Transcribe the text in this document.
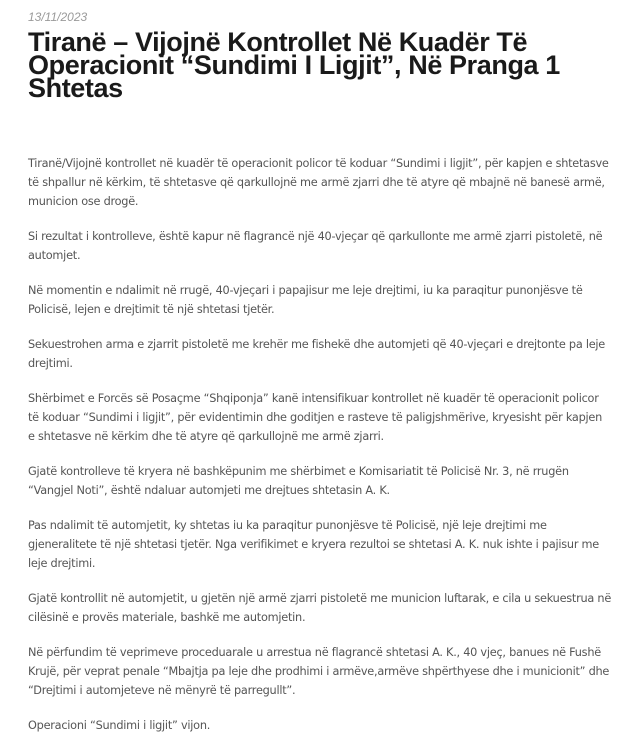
13/11/2023
Tiranë – Vijojnë Kontrollet Në Kuadër Të Operacionit “Sundimi I Ligjit”, Në Pranga 1 Shtetas

Tiranë/Vijojnë kontrollet në kuadër të operacionit policor të koduar “Sundimi i ligjit”, për kapjen e shtetasve të shpallur në kërkim, të shtetasve që qarkullojnë me armë zjarri dhe të atyre që mbajnë në banesë armë, municion ose drogë.

Si rezultat i kontrolleve, është kapur në flagrancë një 40-vjeçar që qarkullonte me armë zjarri pistoletë, në automjet.

Në momentin e ndalimit në rrugë, 40-vjeçari i papajisur me leje drejtimi, iu ka paraqitur punonjësve të Policisë, lejen e drejtimit të një shtetasi tjetër.

Sekuestrohen arma e zjarrit pistoletë me krehër me fishekë dhe automjeti që 40-vjeçari e drejtonte pa leje drejtimi.

Shërbimet e Forcës së Posaçme “Shqiponja” kanë intensifikuar kontrollet në kuadër të operacionit policor të koduar “Sundimi i ligjit”, për evidentimin dhe goditjen e rasteve të paligjshmërive, kryesisht për kapjen e shtetasve në kërkim dhe të atyre që qarkullojnë me armë zjarri.

Gjatë kontrolleve të kryera në bashkëpunim me shërbimet e Komisariatit të Policisë Nr. 3, në rrugën “Vangjel Noti”, është ndaluar automjeti me drejtues shtetasin A. K.

Pas ndalimit të automjetit, ky shtetas iu ka paraqitur punonjësve të Policisë, një leje drejtimi me gjeneralitete të një shtetasi tjetër. Nga verifikimet e kryera rezultoi se shtetasi A. K. nuk ishte i pajisur me leje drejtimi.

Gjatë kontrollit në automjetit, u gjetën një armë zjarri pistoletë me municion luftarak, e cila u sekuestrua në cilësinë e provës materiale, bashkë me automjetin.

Në përfundim të veprimeve proceduarale u arrestua në flagrancë shtetasi A. K., 40 vjeç, banues në Fushë Krujë, për veprat penale “Mbajtja pa leje dhe prodhimi i armëve,armëve shpërthyese dhe i municionit” dhe “Drejtimi i automjeteve në mënyrë të parregullt”.

Operacioni “Sundimi i ligjit” vijon.
